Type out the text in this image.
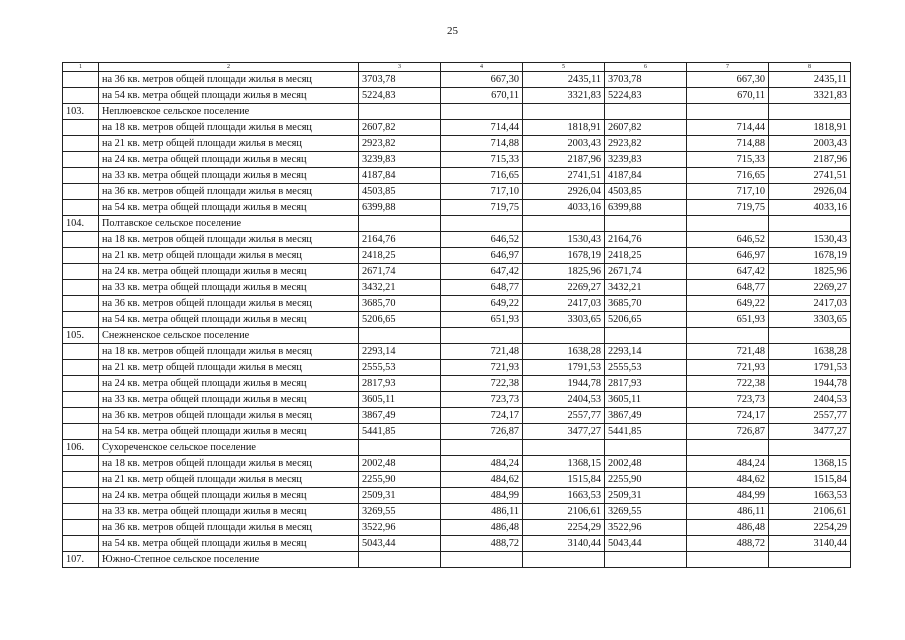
25
1	2	3	4	5	6	7	8
	на 36 кв. метров общей площади жилья в месяц	3703,78	667,30	2435,11	3703,78	667,30	2435,11
	на 54 кв. метра общей площади жилья в месяц	5224,83	670,11	3321,83	5224,83	670,11	3321,83
103.	Неплюевское сельское поселение						
	на 18 кв. метров общей площади жилья в месяц	2607,82	714,44	1818,91	2607,82	714,44	1818,91
	на 21 кв. метр общей площади жилья в месяц	2923,82	714,88	2003,43	2923,82	714,88	2003,43
	на 24 кв. метра общей площади жилья в месяц	3239,83	715,33	2187,96	3239,83	715,33	2187,96
	на 33 кв. метра общей площади жилья в месяц	4187,84	716,65	2741,51	4187,84	716,65	2741,51
	на 36 кв. метров общей площади жилья в месяц	4503,85	717,10	2926,04	4503,85	717,10	2926,04
	на 54 кв. метра общей площади жилья в месяц	6399,88	719,75	4033,16	6399,88	719,75	4033,16
104.	Полтавское сельское поселение						
	на 18 кв. метров общей площади жилья в месяц	2164,76	646,52	1530,43	2164,76	646,52	1530,43
	на 21 кв. метр общей площади жилья в месяц	2418,25	646,97	1678,19	2418,25	646,97	1678,19
	на 24 кв. метра общей площади жилья в месяц	2671,74	647,42	1825,96	2671,74	647,42	1825,96
	на 33 кв. метра общей площади жилья в месяц	3432,21	648,77	2269,27	3432,21	648,77	2269,27
	на 36 кв. метров общей площади жилья в месяц	3685,70	649,22	2417,03	3685,70	649,22	2417,03
	на 54 кв. метра общей площади жилья в месяц	5206,65	651,93	3303,65	5206,65	651,93	3303,65
105.	Снежненское сельское поселение						
	на 18 кв. метров общей площади жилья в месяц	2293,14	721,48	1638,28	2293,14	721,48	1638,28
	на 21 кв. метр общей площади жилья в месяц	2555,53	721,93	1791,53	2555,53	721,93	1791,53
	на 24 кв. метра общей площади жилья в месяц	2817,93	722,38	1944,78	2817,93	722,38	1944,78
	на 33 кв. метра общей площади жилья в месяц	3605,11	723,73	2404,53	3605,11	723,73	2404,53
	на 36 кв. метров общей площади жилья в месяц	3867,49	724,17	2557,77	3867,49	724,17	2557,77
	на 54 кв. метра общей площади жилья в месяц	5441,85	726,87	3477,27	5441,85	726,87	3477,27
106.	Сухореченское сельское поселение						
	на 18 кв. метров общей площади жилья в месяц	2002,48	484,24	1368,15	2002,48	484,24	1368,15
	на 21 кв. метр общей площади жилья в месяц	2255,90	484,62	1515,84	2255,90	484,62	1515,84
	на 24 кв. метра общей площади жилья в месяц	2509,31	484,99	1663,53	2509,31	484,99	1663,53
	на 33 кв. метра общей площади жилья в месяц	3269,55	486,11	2106,61	3269,55	486,11	2106,61
	на 36 кв. метров общей площади жилья в месяц	3522,96	486,48	2254,29	3522,96	486,48	2254,29
	на 54 кв. метра общей площади жилья в месяц	5043,44	488,72	3140,44	5043,44	488,72	3140,44
107.	Южно-Степное сельское поселение						
